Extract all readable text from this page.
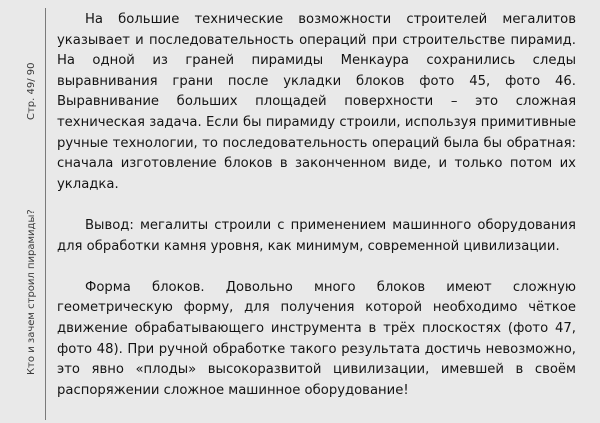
Стр. 49/ 90
Кто и зачем строил пирамиды?

На большие технические возможности строителей мегалитов указывает и последовательность операций при строительстве пирамид. На одной из граней пирамиды Менкаура сохранились следы выравнивания грани после укладки блоков фото 45, фото 46. Выравнивание больших площадей поверхности – это сложная техническая задача. Если бы пирамиду строили, используя примитивные ручные технологии, то последовательность операций была бы обратная: сначала изготовление блоков в законченном виде, и только потом их укладка.

Вывод: мегалиты строили с применением машинного оборудования для обработки камня уровня, как минимум, современной цивилизации.

Форма блоков. Довольно много блоков имеют сложную геометрическую форму, для получения которой необходимо чёткое движение обрабатывающего инструмента в трёх плоскостях (фото 47, фото 48). При ручной обработке такого результата достичь невозможно, это явно «плоды» высокоразвитой цивилизации, имевшей в своём распоряжении сложное машинное оборудование!
